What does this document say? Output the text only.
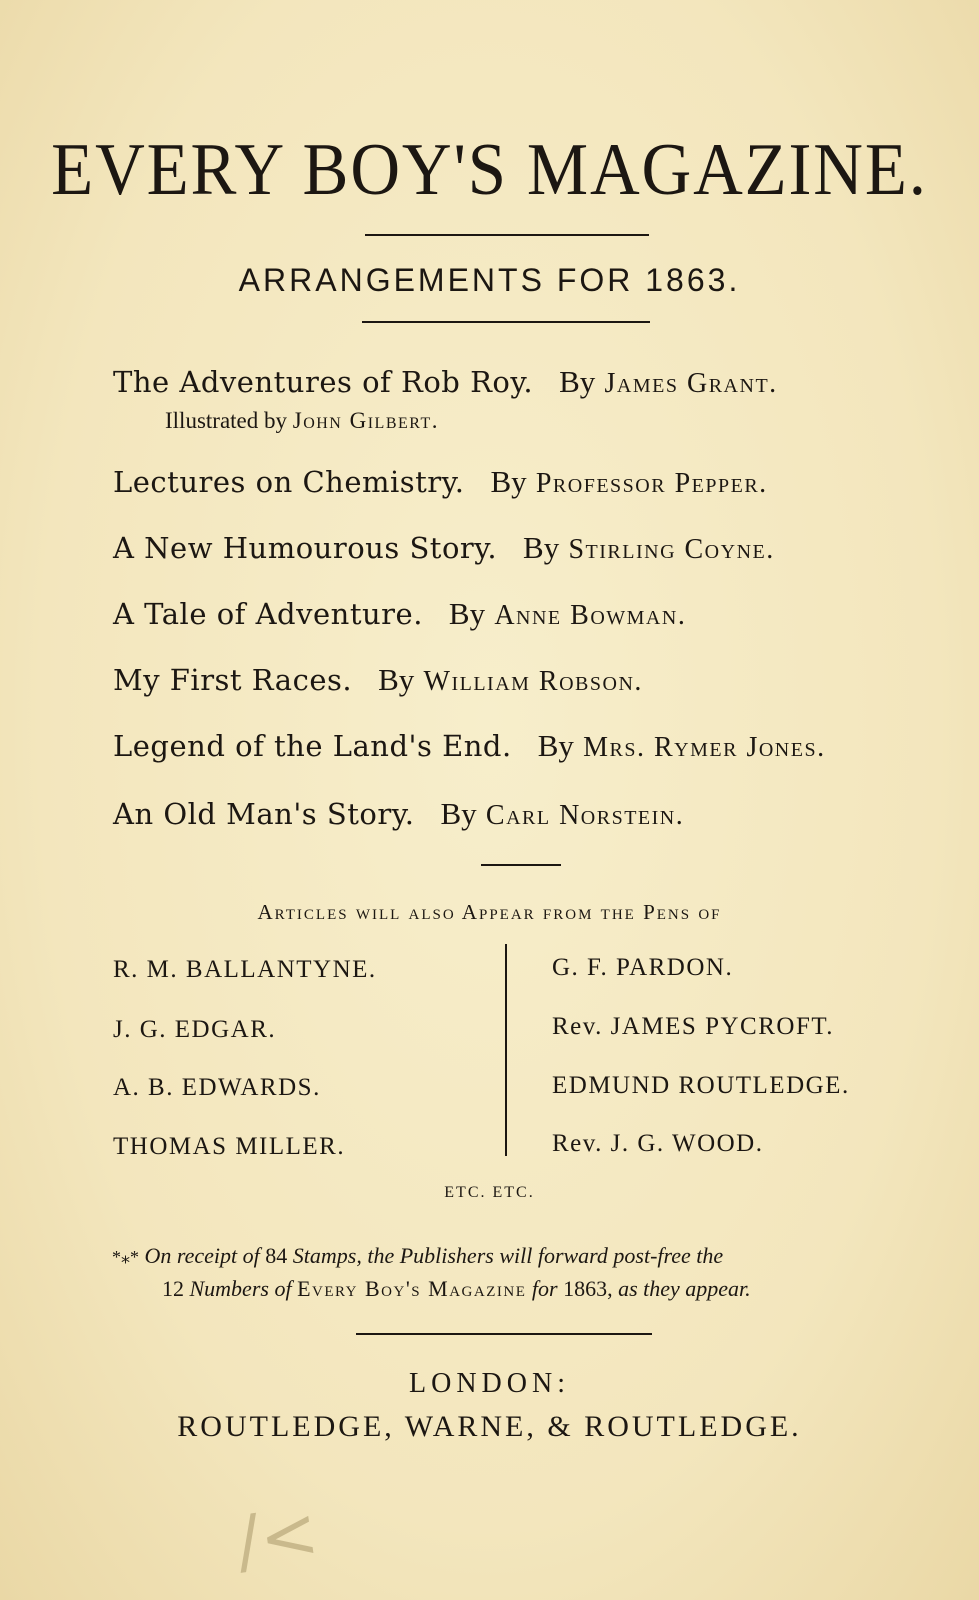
EVERY BOY'S MAGAZINE.
ARRANGEMENTS FOR 1863.
The Adventures of Rob Roy. By James Grant.
Illustrated by John Gilbert.
Lectures on Chemistry. By Professor Pepper.
A New Humourous Story. By Stirling Coyne.
A Tale of Adventure. By Anne Bowman.
My First Races. By William Robson.
Legend of the Land's End. By Mrs. Rymer Jones.
An Old Man's Story. By Carl Norstein.
Articles will also Appear from the Pens of
R. M. BALLANTYNE.
J. G. EDGAR.
A. B. EDWARDS.
THOMAS MILLER.
G. F. PARDON.
Rev. JAMES PYCROFT.
EDMUND ROUTLEDGE.
Rev. J. G. WOOD.
ETC. ETC.
*⁎* On receipt of 84 Stamps, the Publishers will forward post-free the
12 Numbers of Every Boy's Magazine for 1863, as they appear.
LONDON:
ROUTLEDGE, WARNE, & ROUTLEDGE.
/<
